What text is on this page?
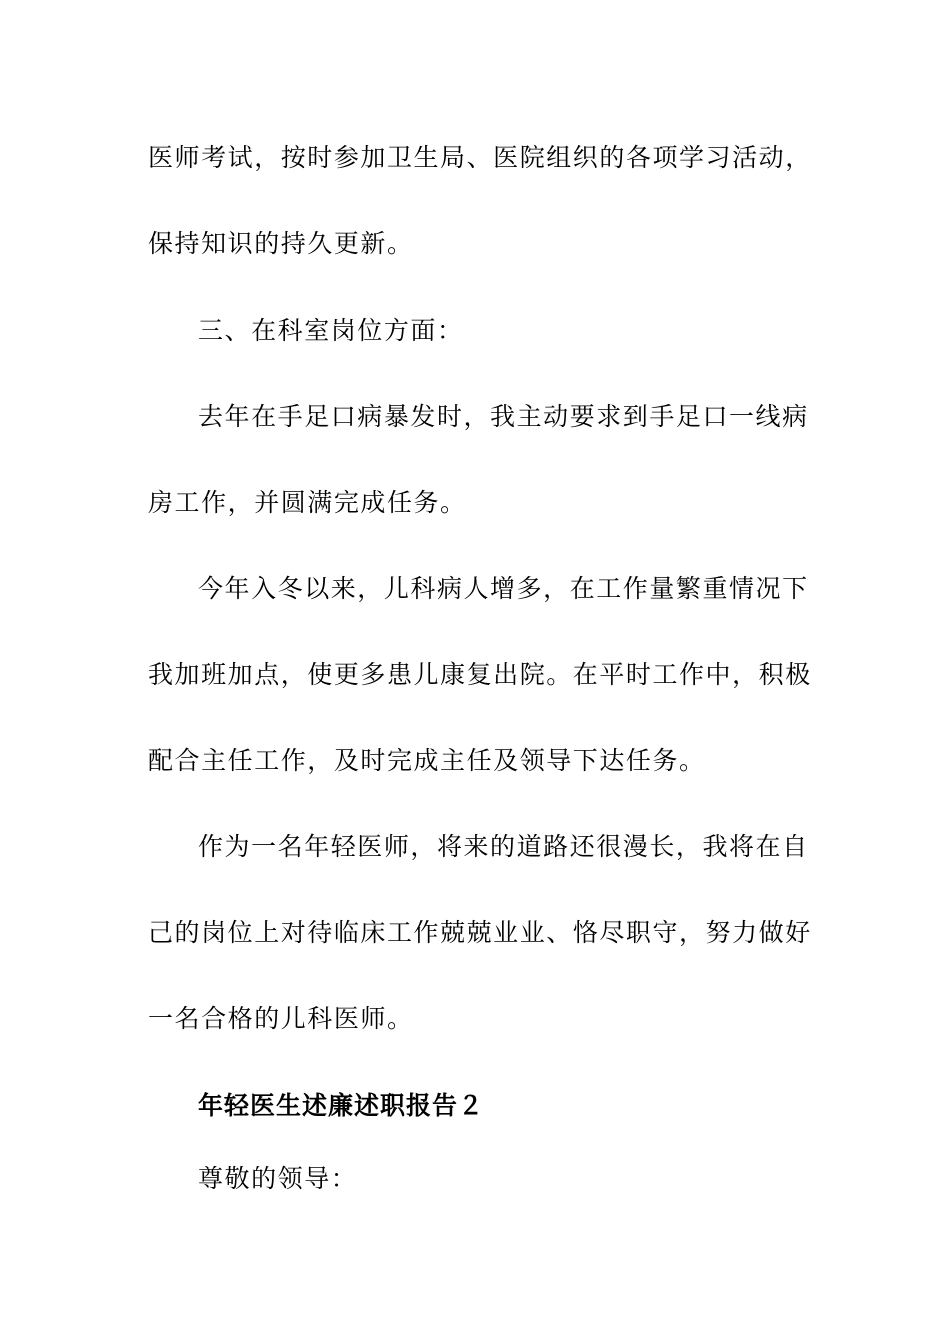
医师考试，按时参加卫生局、医院组织的各项学习活动，
保持知识的持久更新。
三、在科室岗位方面：
去年在手足口病暴发时，我主动要求到手足口一线病
房工作，并圆满完成任务。
今年入冬以来，儿科病人增多，在工作量繁重情况下
我加班加点，使更多患儿康复出院。在平时工作中，积极
配合主任工作，及时完成主任及领导下达任务。
作为一名年轻医师，将来的道路还很漫长，我将在自
己的岗位上对待临床工作兢兢业业、恪尽职守，努力做好
一名合格的儿科医师。
年轻医生述廉述职报告２
尊敬的领导：
